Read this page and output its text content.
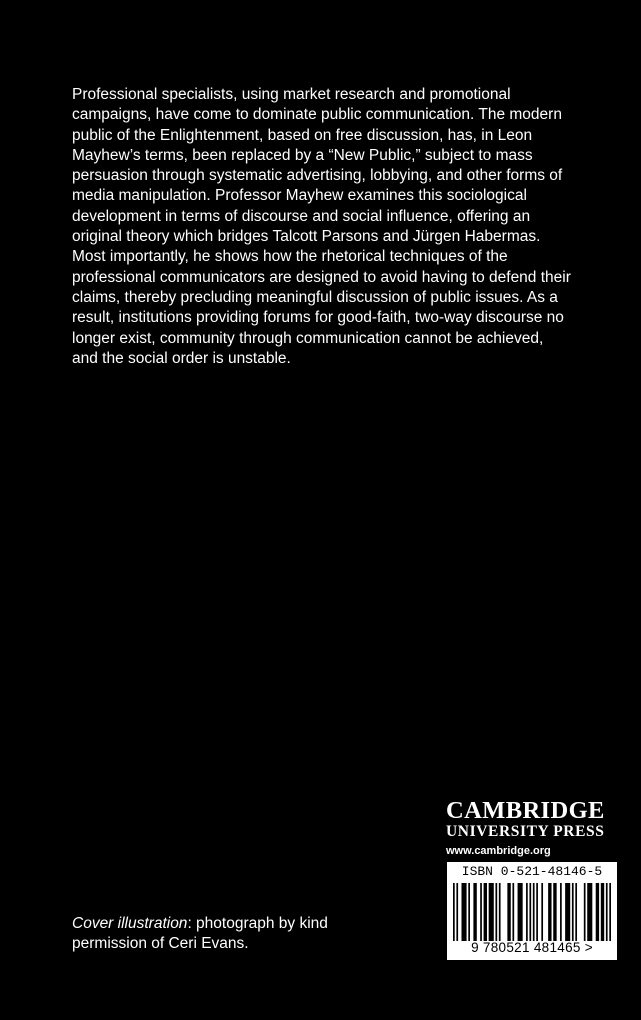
Professional specialists, using market research and promotional
campaigns, have come to dominate public communication. The modern
public of the Enlightenment, based on free discussion, has, in Leon
Mayhew’s terms, been replaced by a “New Public,” subject to mass
persuasion through systematic advertising, lobbying, and other forms of
media manipulation. Professor Mayhew examines this sociological
development in terms of discourse and social influence, offering an
original theory which bridges Talcott Parsons and Jürgen Habermas.
Most importantly, he shows how the rhetorical techniques of the
professional communicators are designed to avoid having to defend their
claims, thereby precluding meaningful discussion of public issues. As a
result, institutions providing forums for good-faith, two-way discourse no
longer exist, community through communication cannot be achieved,
and the social order is unstable.
CAMBRIDGE
UNIVERSITY PRESS
www.cambridge.org
ISBN 0-521-48146-5
9 780521 481465 >
Cover illustration: photograph by kind
permission of Ceri Evans.
